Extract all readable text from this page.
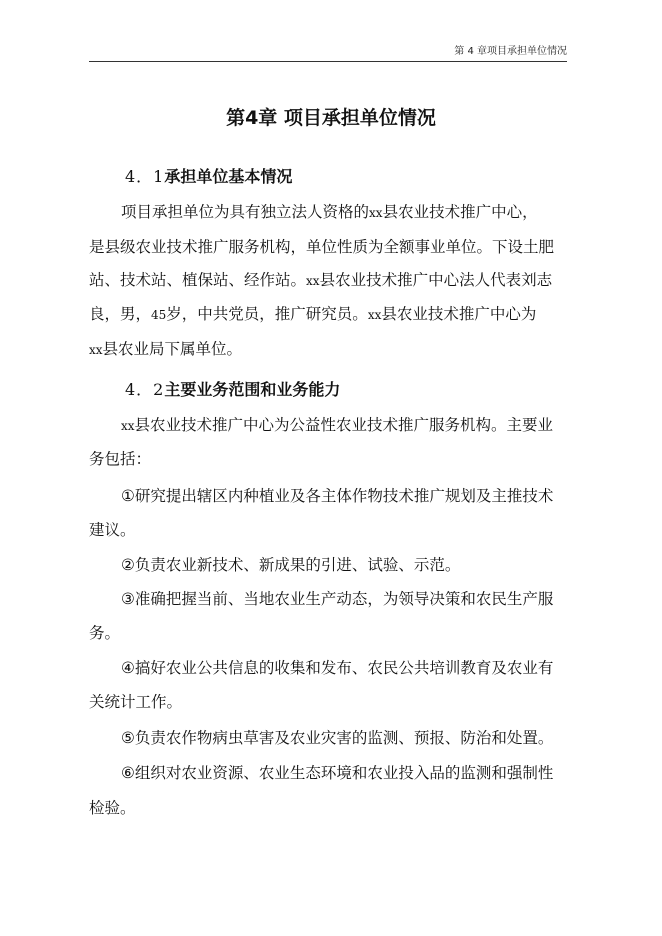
第 4 章项目承担单位情况
第4章 项目承担单位情况
4．1承担单位基本情况
项目承担单位为具有独立法人资格的xx县农业技术推广中心，
是县级农业技术推广服务机构，单位性质为全额事业单位。下设土肥
站、技术站、植保站、经作站。xx县农业技术推广中心法人代表刘志
良，男，45岁，中共党员，推广研究员。xx县农业技术推广中心为
xx县农业局下属单位。
4．2主要业务范围和业务能力
xx县农业技术推广中心为公益性农业技术推广服务机构。主要业
务包括：
①研究提出辖区内种植业及各主体作物技术推广规划及主推技术
建议。
②负责农业新技术、新成果的引进、试验、示范。
③准确把握当前、当地农业生产动态，为领导决策和农民生产服
务。
④搞好农业公共信息的收集和发布、农民公共培训教育及农业有
关统计工作。
⑤负责农作物病虫草害及农业灾害的监测、预报、防治和处置。
⑥组织对农业资源、农业生态环境和农业投入品的监测和强制性
检验。
